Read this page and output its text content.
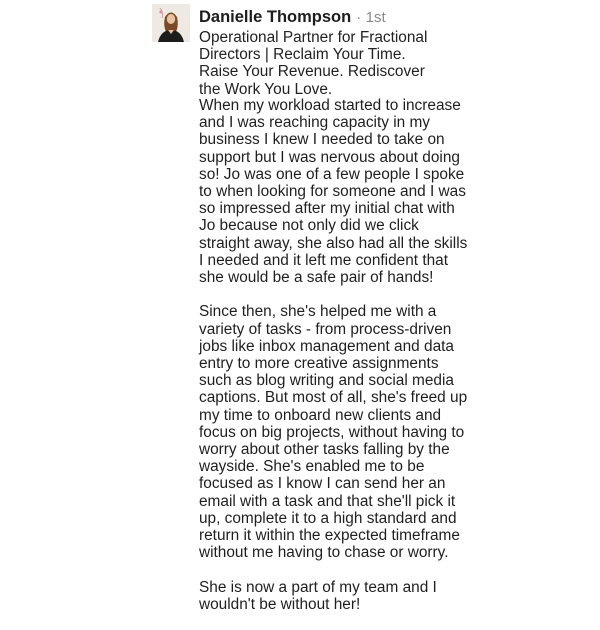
Danielle Thompson · 1st
Operational Partner for Fractional
Directors | Reclaim Your Time.
Raise Your Revenue. Rediscover
the Work You Love.
When my workload started to increase
and I was reaching capacity in my
business I knew I needed to take on
support but I was nervous about doing
so! Jo was one of a few people I spoke
to when looking for someone and I was
so impressed after my initial chat with
Jo because not only did we click
straight away, she also had all the skills
I needed and it left me confident that
she would be a safe pair of hands!
Since then, she's helped me with a
variety of tasks - from process-driven
jobs like inbox management and data
entry to more creative assignments
such as blog writing and social media
captions. But most of all, she's freed up
my time to onboard new clients and
focus on big projects, without having to
worry about other tasks falling by the
wayside. She's enabled me to be
focused as I know I can send her an
email with a task and that she'll pick it
up, complete it to a high standard and
return it within the expected timeframe
without me having to chase or worry.
She is now a part of my team and I
wouldn't be without her!
